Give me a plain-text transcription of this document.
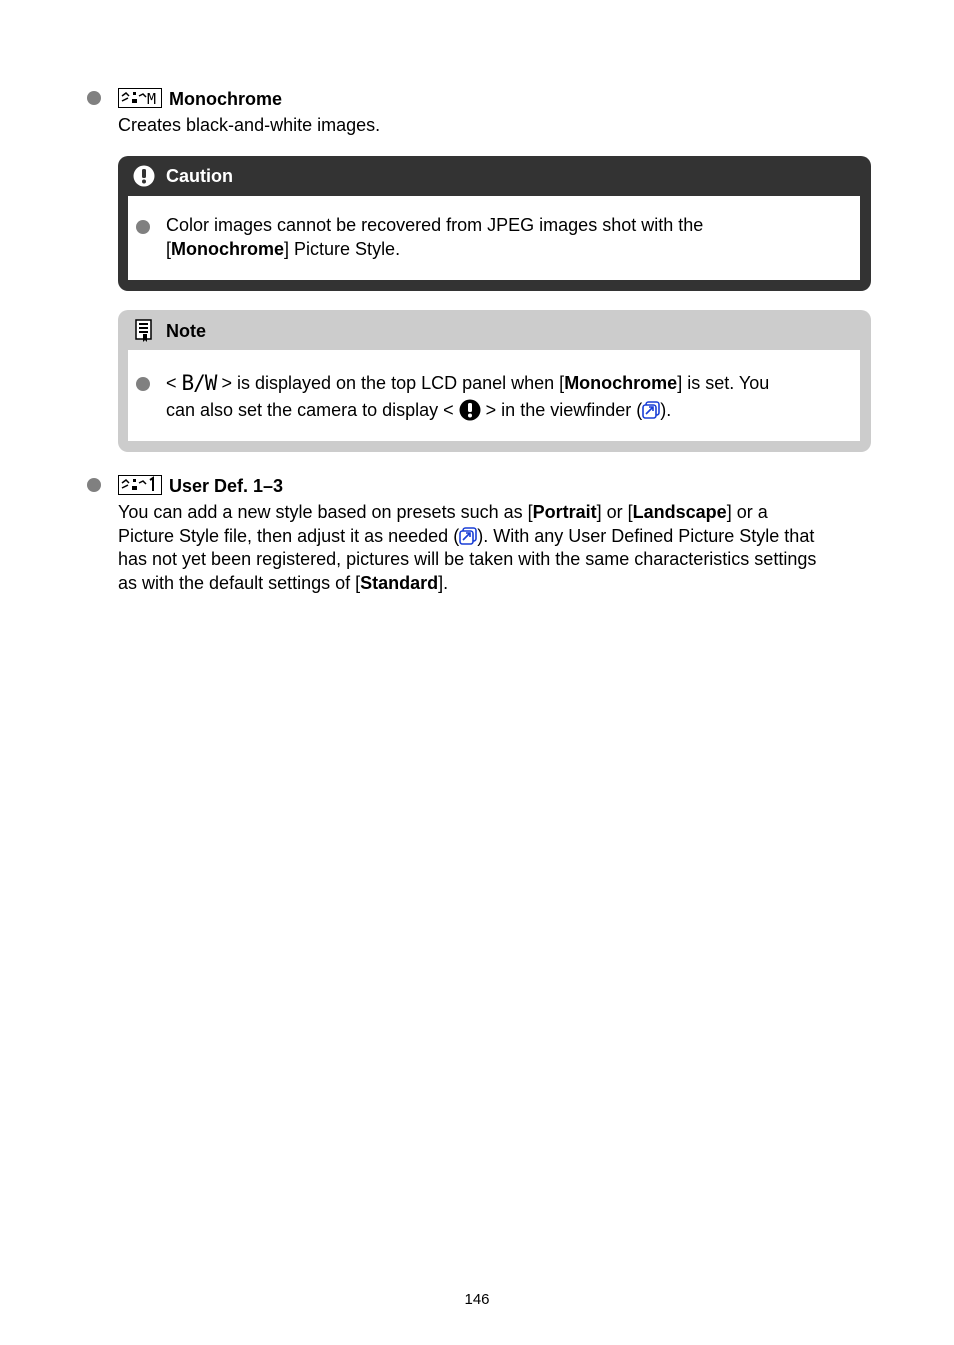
M Monochrome
Creates black-and-white images.
Caution
Color images cannot be recovered from JPEG images shot with the
[Monochrome] Picture Style.
Note
< B/W > is displayed on the top LCD panel when [Monochrome] is set. You
can also set the camera to display <  > in the viewfinder ( ).
User Def. 1–3
You can add a new style based on presets such as [Portrait] or [Landscape] or a
Picture Style file, then adjust it as needed ( ). With any User Defined Picture Style that
has not yet been registered, pictures will be taken with the same characteristics settings
as with the default settings of [Standard].
146
